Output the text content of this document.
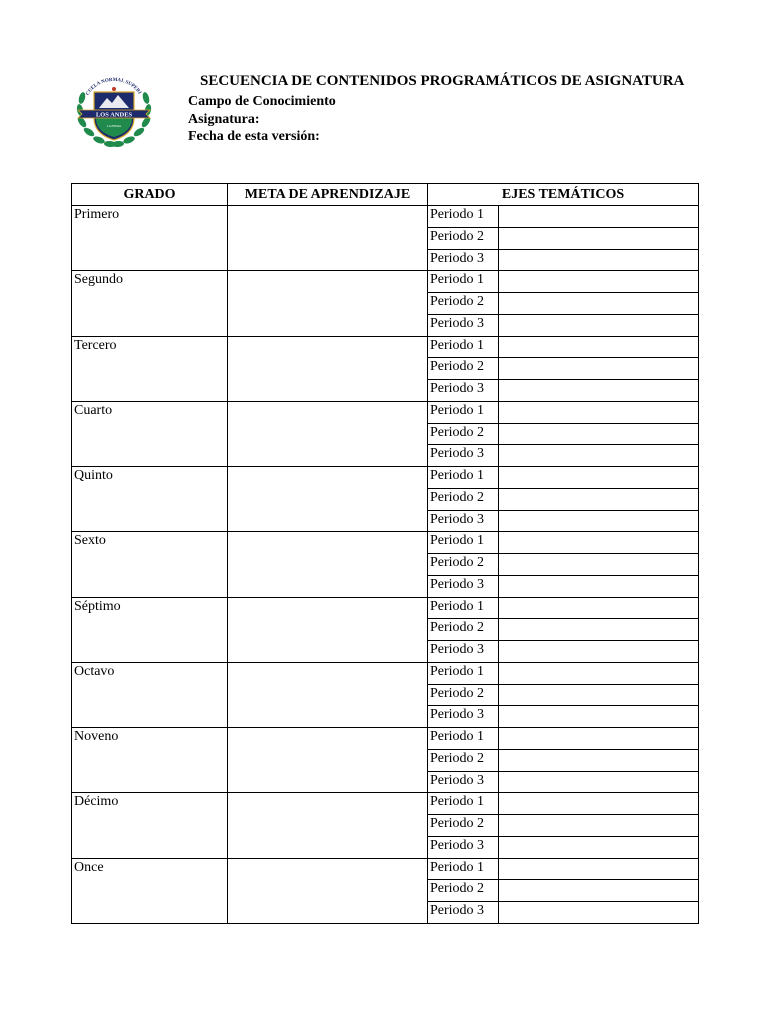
CUELA NORMAL SUPERI
LOS ANDES
LA FIRMA
SECUENCIA DE CONTENIDOS PROGRAMÁTICOS DE ASIGNATURA
Campo de Conocimiento
Asignatura:
Fecha de esta versión:
GRADO	META DE APRENDIZAJE	EJES TEMÁTICOS	
Primero		Periodo 1	
		Periodo 2	
		Periodo 3	
Segundo		Periodo 1	
		Periodo 2	
		Periodo 3	
Tercero		Periodo 1	
		Periodo 2	
		Periodo 3	
Cuarto		Periodo 1	
		Periodo 2	
		Periodo 3	
Quinto		Periodo 1	
		Periodo 2	
		Periodo 3	
Sexto		Periodo 1	
		Periodo 2	
		Periodo 3	
Séptimo		Periodo 1	
		Periodo 2	
		Periodo 3	
Octavo		Periodo 1	
		Periodo 2	
		Periodo 3	
Noveno		Periodo 1	
		Periodo 2	
		Periodo 3	
Décimo		Periodo 1	
		Periodo 2	
		Periodo 3	
Once		Periodo 1	
		Periodo 2	
		Periodo 3	
